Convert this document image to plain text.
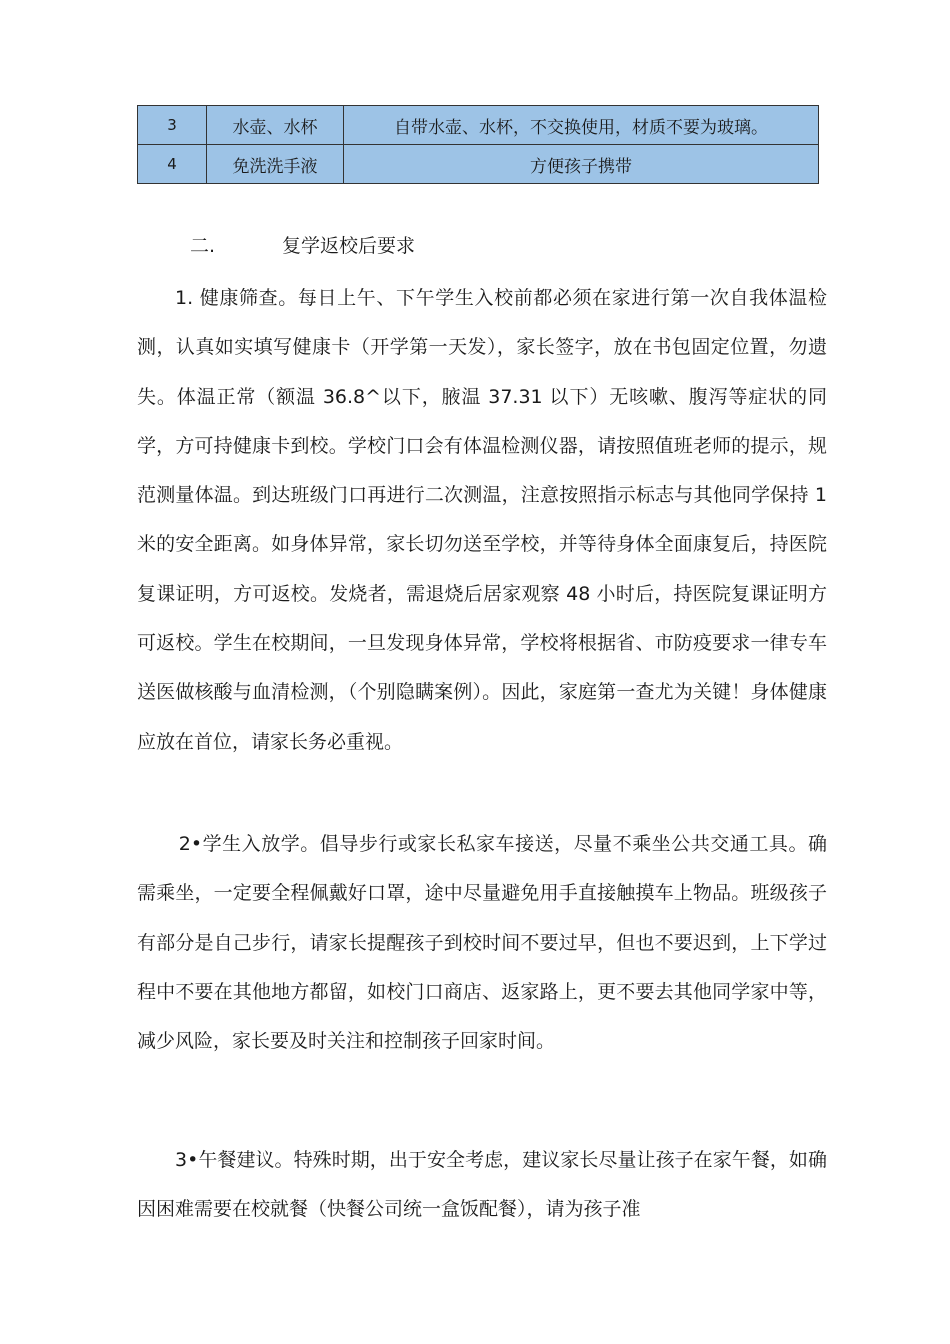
3	水壶、水杯	自带水壶、水杯，不交换使用，材质不要为玻璃。
4	免洗洗手液	方便孩子携带
二.	复学返校后要求

1. 健康筛查。每日上午、下午学生入校前都必须在家进行第一次自我体温检测，认真如实填写健康卡（开学第一天发），家长签字，放在书包固定位置，勿遗失。体温正常（额温 36.8^以下，腋温 37.31 以下）无咳嗽、腹泻等症状的同学，方可持健康卡到校。学校门口会有体温检测仪器，请按照值班老师的提示，规范测量体温。到达班级门口再进行二次测温，注意按照指示标志与其他同学保持 1 米的安全距离。如身体异常，家长切勿送至学校，并等待身体全面康复后，持医院复课证明，方可返校。发烧者，需退烧后居家观察 48 小时后，持医院复课证明方可返校。学生在校期间，一旦发现身体异常，学校将根据省、市防疫要求一律专车送医做核酸与血清检测，（个别隐瞒案例）。因此，家庭第一查尤为关键！身体健康应放在首位，请家长务必重视。

2•学生入放学。倡导步行或家长私家车接送，尽量不乘坐公共交通工具。确需乘坐，一定要全程佩戴好口罩，途中尽量避免用手直接触摸车上物品。班级孩子有部分是自己步行，请家长提醒孩子到校时间不要过早，但也不要迟到，上下学过程中不要在其他地方都留，如校门口商店、返家路上，更不要去其他同学家中等，减少风险，家长要及时关注和控制孩子回家时间。

3•午餐建议。特殊时期，出于安全考虑，建议家长尽量让孩子在家午餐，如确因困难需要在校就餐（快餐公司统一盒饭配餐），请为孩子准
